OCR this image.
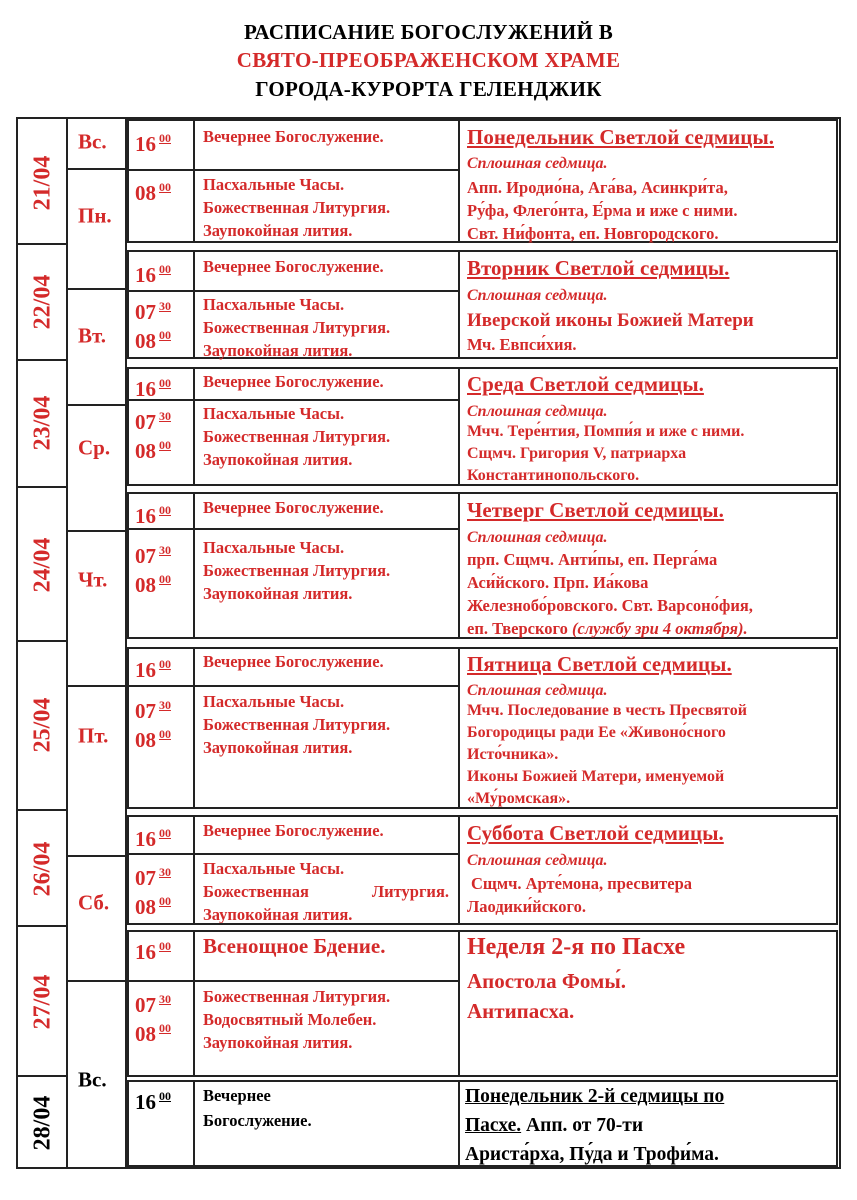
РАСПИСАНИЕ БОГОСЛУЖЕНИЙ В
СВЯТО-ПРЕОБРАЖЕНСКОМ ХРАМЕ
ГОРОДА-КУРОРТА ГЕЛЕНДЖИК
21/04
22/04
23/04
24/04
25/04
26/04
27/04
28/04
Вс.
Пн.
Вт.
Ср.
Чт.
Пт.
Сб.
Вс.
16 $^{00}$ Вечернее Богослужение.
08 $^{00}$ Пасхальные Часы.
Божественная Литургия.
Заупокойная лития.
Понедельник Светлой седмицы.
Сплошная седмица.
Апп. Иродио́на, Ага́ва, Асинкри́та,
Ру́фа, Флего́нта, Е́рма и иже с ними.
Свт. Ни́фонта, еп. Новгородского.
16 $^{00}$ Вечернее Богослужение.
07 $^{30}$
08 $^{00}$
Пасхальные Часы.
Божественная Литургия.
Заупокойная лития.
Вторник Светлой седмицы.
Сплошная седмица.
Иверской иконы Божией Матери
Мч. Евпси́хия.
16 $^{00}$ Вечернее Богослужение.
07 $^{30}$
08 $^{00}$
Пасхальные Часы.
Божественная Литургия.
Заупокойная лития.
Среда Светлой седмицы.
Сплошная седмица.
Мчч. Тере́нтия, Помпи́я и иже с ними.
Сщмч. Григория V, патриарха
Константинопольского.
16 $^{00}$ Вечернее Богослужение.
07 $^{30}$
08 $^{00}$
Пасхальные Часы.
Божественная Литургия.
Заупокойная лития.
Четверг Светлой седмицы.
Сплошная седмица.
прп. Сщмч. Анти́пы, еп. Перга́ма
Аси́йского. Прп. Иа́кова
Железнобо́ровского. Свт. Варсоно́фия,
еп. Тверского (службу зри 4 октября).
16 $^{00}$ Вечернее Богослужение.
07 $^{30}$
08 $^{00}$
Пасхальные Часы.
Божественная Литургия.
Заупокойная лития.
Пятница Светлой седмицы.
Сплошная седмица.
Мчч. Последование в честь Пресвятой
Богородицы ради Ее «Живоно́сного
Исто́чника».
Иконы Божией Матери, именуемой
«Му́ромская».
16 $^{00}$ Вечернее Богослужение.
07 $^{30}$
08 $^{00}$
Пасхальные Часы.
Божественная	Литургия.
Заупокойная лития.
Суббота Светлой седмицы.
Сплошная седмица.
Сщмч. Арте́мона, пресвитера
Лаодики́йского.
16 $^{00}$ Всенощное Бдение.
07 $^{30}$
08 $^{00}$
Божественная Литургия.
Водосвятный Молебен.
Заупокойная лития.
Неделя 2-я по Пасхе
Апостола Фомы́.
Антипасха.
16 $^{00}$ Вечернее
Богослужение.
Понедельник 2-й седмицы по
Пасхе. Апп. от 70-ти
Ариста́рха, Пу́да и Трофи́ма.
